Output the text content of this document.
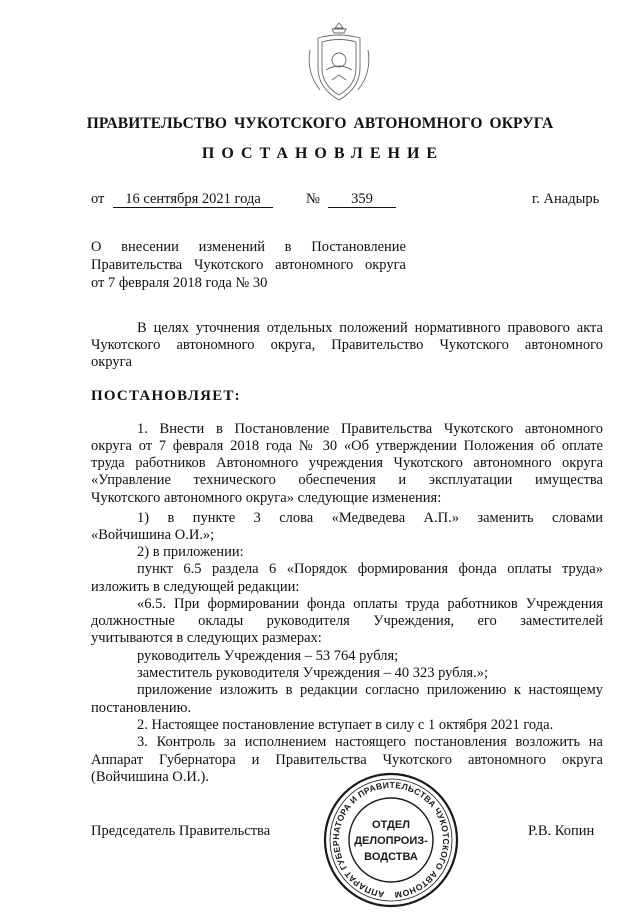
ПРАВИТЕЛЬСТВО ЧУКОТСКОГО АВТОНОМНОГО ОКРУГА
ПОСТАНОВЛЕНИЕ
от	16 сентября 2021 года	№	359	г. Анадырь
О внесении изменений в Постановление
Правительства Чукотского автономного округа
от 7 февраля 2018 года № 30
В целях уточнения отдельных положений нормативного правового акта
Чукотского автономного округа, Правительство Чукотского автономного
округа
ПОСТАНОВЛЯЕТ:
1. Внести в Постановление Правительства Чукотского автономного
округа от 7 февраля 2018 года № 30 «Об утверждении Положения об оплате
труда работников Автономного учреждения Чукотского автономного округа
«Управление технического обеспечения и эксплуатации имущества
Чукотского автономного округа» следующие изменения:
1) в пункте 3 слова «Медведева А.П.» заменить словами
«Войчишина О.И.»;
2) в приложении:
пункт 6.5 раздела 6 «Порядок формирования фонда оплаты труда»
изложить в следующей редакции:
«6.5. При формировании фонда оплаты труда работников Учреждения
должностные оклады руководителя Учреждения, его заместителей
учитываются в следующих размерах:
руководитель Учреждения – 53 764 рубля;
заместитель руководителя Учреждения – 40 323 рубля.»;
приложение изложить в редакции согласно приложению к настоящему
постановлению.
2. Настоящее постановление вступает в силу с 1 октября 2021 года.
3. Контроль за исполнением настоящего постановления возложить на
Аппарат Губернатора и Правительства Чукотского автономного округа
(Войчишина О.И.).
Председатель Правительства	Р.В. Копин
АППАРАТ ГУБЕРНАТОРА И ПРАВИТЕЛЬСТВА ЧУКОТСКОГО АВТОНОМ
ОТДЕЛ
ДЕЛОПРОИЗ-
ВОДСТВА
